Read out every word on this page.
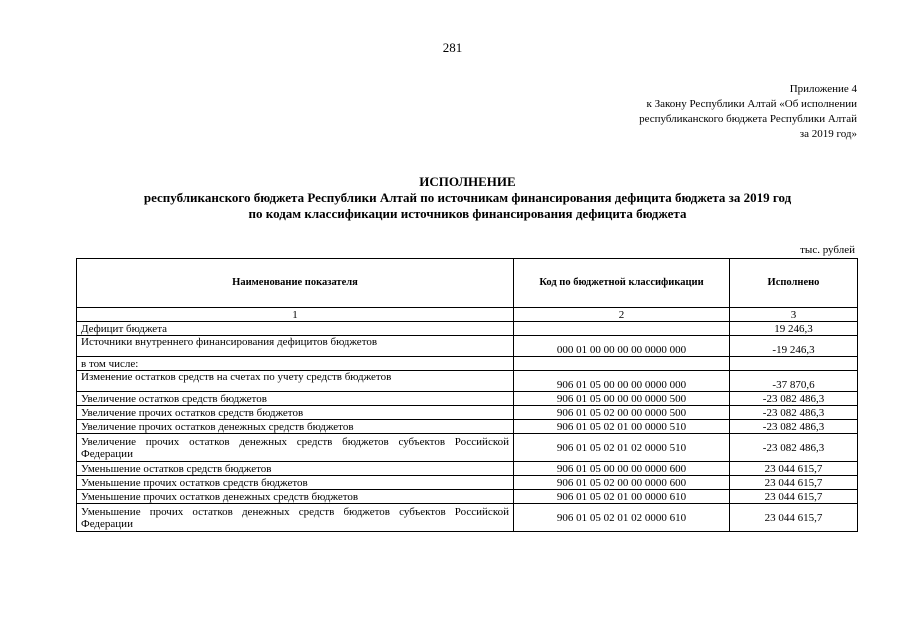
281
Приложение 4
к Закону Республики Алтай «Об исполнении
республиканского бюджета Республики Алтай
за 2019 год»
ИСПОЛНЕНИЕ
республиканского бюджета Республики Алтай по источникам финансирования дефицита бюджета за 2019 год
по кодам классификации источников финансирования дефицита бюджета
тыс. рублей
Наименование показателя	Код по бюджетной классификации	Исполнено
1	2	3
Дефицит бюджета		19 246,3
Источники внутреннего финансирования дефицитов бюджетов	000 01 00 00 00 00 0000 000	-19 246,3
в том числе:		
Изменение остатков средств на счетах по учету средств бюджетов	906 01 05 00 00 00 0000 000	-37 870,6
Увеличение остатков средств бюджетов	906 01 05 00 00 00 0000 500	-23 082 486,3
Увеличение прочих остатков средств бюджетов	906 01 05 02 00 00 0000 500	-23 082 486,3
Увеличение прочих остатков денежных средств бюджетов	906 01 05 02 01 00 0000 510	-23 082 486,3
Увеличение прочих остатков денежных средств бюджетов субъектов Российской Федерации	906 01 05 02 01 02 0000 510	-23 082 486,3
Уменьшение остатков средств бюджетов	906 01 05 00 00 00 0000 600	23 044 615,7
Уменьшение прочих остатков средств бюджетов	906 01 05 02 00 00 0000 600	23 044 615,7
Уменьшение прочих остатков денежных средств бюджетов	906 01 05 02 01 00 0000 610	23 044 615,7
Уменьшение прочих остатков денежных средств бюджетов субъектов Российской Федерации	906 01 05 02 01 02 0000 610	23 044 615,7
